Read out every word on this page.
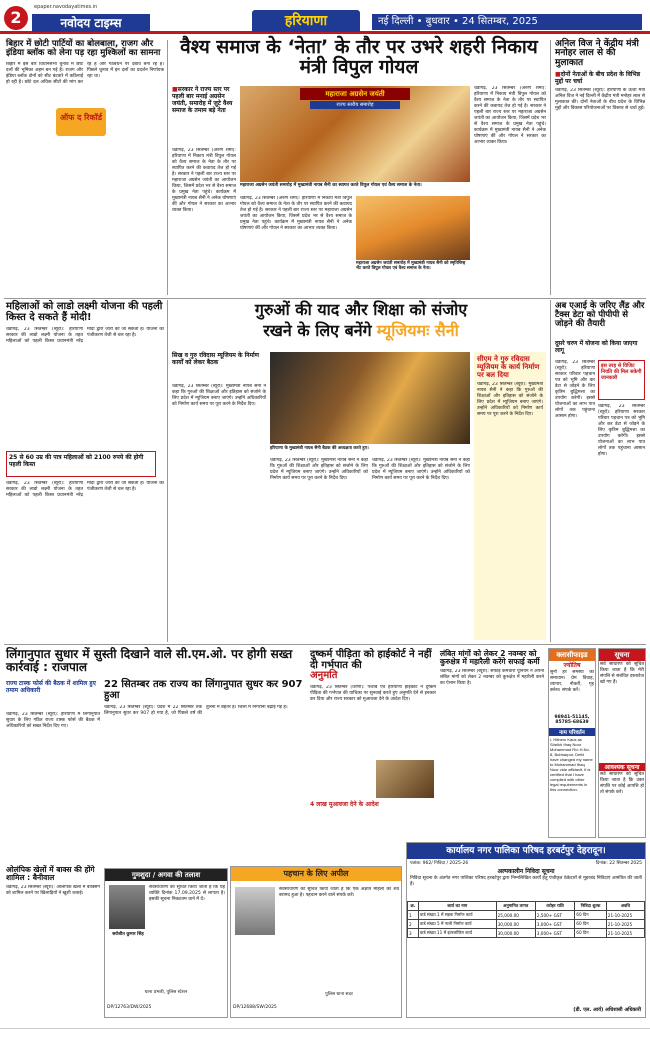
2
epaper.navodayatimes.in
नवोदय टाइम्स	हरियाणा	नई दिल्ली • बुधवार • 24 सितम्बर, 2025
बिहार में छोटी पार्टियों का बोलबाला, राजग और इंडिया ब्लॉक को लेना पड़ रहा मुश्किलों का सामना
बिहार में इस बार विधानसभा चुनाव में छोटे दलों की भूमिका अहम बन गई है। राजग और इंडिया ब्लॉक दोनों को सीट बंटवारे में कठिनाई हो रही है। छोटे दल अधिक सीटों की मांग कर रहे हैं और गठबंधन पर दबाव बना रहे हैं। पिछले चुनाव में इन दलों का प्रदर्शन निर्णायक रहा था।
ऑफ द रिकॉर्ड
वैश्य समाज के ‘नेता’ के तौर पर उभरे शहरी निकाय मंत्री विपुल गोयल
■ सरकार ने राज्य स्तर पर पहली बार मनाई अग्रसेन जयंती, समारोह में जुटे वैश्य समाज के तमाम बड़े नेता
चंडीगढ़, 23 सितम्बर (अरुण शर्मा): हरियाणा में निकाय मंत्री विपुल गोयल को वैश्य समाज के नेता के तौर पर स्थापित करने की कवायद तेज हो गई है। सरकार ने पहली बार राज्य स्तर पर महाराजा अग्रसेन जयंती का आयोजन किया, जिसमें प्रदेश भर से वैश्य समाज के प्रमुख नेता पहुंचे। कार्यक्रम में मुख्यमंत्री नायब सैनी ने अनेक घोषणाएं कीं और गोयल ने सरकार का आभार व्यक्त किया।
महाराजा अग्रसेन जयंती
राज्य स्तरीय समारोह
महाराजा अग्रसेन जयंती समारोह में मुख्यमंत्री नायब सैनी का स्वागत करते विपुल गोयल एवं वैश्य समाज के नेता।
चंडीगढ़, 23 सितम्बर (अरुण शर्मा): हरियाणा में निकाय मंत्री विपुल गोयल को वैश्य समाज के नेता के तौर पर स्थापित करने की कवायद तेज हो गई है। सरकार ने पहली बार राज्य स्तर पर महाराजा अग्रसेन जयंती का आयोजन किया, जिसमें प्रदेश भर से वैश्य समाज के प्रमुख नेता पहुंचे। कार्यक्रम में मुख्यमंत्री नायब सैनी ने अनेक घोषणाएं कीं और गोयल ने सरकार का आभार व्यक्त किया।
महाराजा अग्रसेन जयंती समारोह में मुख्यमंत्री नायब सैनी को स्मृतिचिन्ह भेंट करते विपुल गोयल एवं वैश्य समाज के नेता।
चंडीगढ़, 23 सितम्बर (अरुण शर्मा): हरियाणा में निकाय मंत्री विपुल गोयल को वैश्य समाज के नेता के तौर पर स्थापित करने की कवायद तेज हो गई है। सरकार ने पहली बार राज्य स्तर पर महाराजा अग्रसेन जयंती का आयोजन किया, जिसमें प्रदेश भर से वैश्य समाज के प्रमुख नेता पहुंचे। कार्यक्रम में मुख्यमंत्री नायब सैनी ने अनेक घोषणाएं कीं और गोयल ने सरकार का आभार व्यक्त किया।
अनिल विज ने केंद्रीय मंत्री मनोहर लाल से की मुलाकात
■ दोनों नेताओं के बीच प्रदेश के विभिन्न मुद्दों पर चर्चा
चंडीगढ़, 23 सितम्बर (ब्यूरो): हरियाणा के ऊर्जा मंत्री अनिल विज ने नई दिल्ली में केंद्रीय मंत्री मनोहर लाल से मुलाकात की। दोनों नेताओं के बीच प्रदेश के विभिन्न मुद्दों और विकास परियोजनाओं पर विस्तार से चर्चा हुई।
महिलाओं को लाडो लक्ष्मी योजना की पहली किस्त दे सकते हैं मोदी!
चंडीगढ़, 23 सितम्बर (ब्यूरो): हरियाणा सरकार की लाडो लक्ष्मी योजना के तहत महिलाओं को पहली किस्त प्रधानमंत्री नरेंद्र मोदी द्वारा जारी की जा सकती है। योजना का पंजीकरण तेजी से चल रहा है।
25 से 60 उम्र की पात्र महिलाओं को 2100 रुपये की होगी पहली किस्त
चंडीगढ़, 23 सितम्बर (ब्यूरो): हरियाणा सरकार की लाडो लक्ष्मी योजना के तहत महिलाओं को पहली किस्त प्रधानमंत्री नरेंद्र मोदी द्वारा जारी की जा सकती है। योजना का पंजीकरण तेजी से चल रहा है।
गुरुओं की याद और शिक्षा को संजोए
रखने के लिए बनेंगे म्यूजियमः सैनी
सिख व गुरु रविदास म्यूजियम के निर्माण कार्यों को लेकर बैठक
चंडीगढ़, 23 सितम्बर (ब्यूरो): मुख्यमंत्री नायब सैनी ने कहा कि गुरुओं की शिक्षाओं और इतिहास को संजोने के लिए प्रदेश में म्यूजियम बनाए जाएंगे। उन्होंने अधिकारियों को निर्माण कार्य समय पर पूरा करने के निर्देश दिए।
हरियाणा के मुख्यमंत्री नायब सैनी बैठक की अध्यक्षता करते हुए।
चंडीगढ़, 23 सितम्बर (ब्यूरो): मुख्यमंत्री नायब सैनी ने कहा कि गुरुओं की शिक्षाओं और इतिहास को संजोने के लिए प्रदेश में म्यूजियम बनाए जाएंगे। उन्होंने अधिकारियों को निर्माण कार्य समय पर पूरा करने के निर्देश दिए।
चंडीगढ़, 23 सितम्बर (ब्यूरो): मुख्यमंत्री नायब सैनी ने कहा कि गुरुओं की शिक्षाओं और इतिहास को संजोने के लिए प्रदेश में म्यूजियम बनाए जाएंगे। उन्होंने अधिकारियों को निर्माण कार्य समय पर पूरा करने के निर्देश दिए।
सीएम ने गुरु रविदास म्यूजियम के कार्य निर्माण पर बल दिया
चंडीगढ़, 23 सितम्बर (ब्यूरो): मुख्यमंत्री नायब सैनी ने कहा कि गुरुओं की शिक्षाओं और इतिहास को संजोने के लिए प्रदेश में म्यूजियम बनाए जाएंगे। उन्होंने अधिकारियों को निर्माण कार्य समय पर पूरा करने के निर्देश दिए।
अब एआई के जरिए लैंड और टैक्स डेटा को पीपीपी से जोड़ने की तैयारी
दूसरे चरण में योजना को किया जाएगा लागू
इस तरह से विजिट नियति की मिल सकेगी जानकारी
चंडीगढ़, 23 सितम्बर (ब्यूरो): हरियाणा सरकार परिवार पहचान पत्र को भूमि और कर डेटा से जोड़ने के लिए कृत्रिम बुद्धिमत्ता का उपयोग करेगी। इससे योजनाओं का लाभ पात्र लोगों तक पहुंचाना आसान होगा।
चंडीगढ़, 23 सितम्बर (ब्यूरो): हरियाणा सरकार परिवार पहचान पत्र को भूमि और कर डेटा से जोड़ने के लिए कृत्रिम बुद्धिमत्ता का उपयोग करेगी। इससे योजनाओं का लाभ पात्र लोगों तक पहुंचाना आसान होगा।
लिंगानुपात सुधार में सुस्ती दिखाने वाले सी.एम.ओ. पर होगी सख्त कार्रवाई : राजपाल
राज्य टास्क फोर्स की बैठक में शामिल हुए तमाम अधिकारी
चंडीगढ़, 23 सितम्बर (ब्यूरो): हरियाणा में लिंगानुपात सुधार के लिए गठित राज्य टास्क फोर्स की बैठक में अधिकारियों को सख्त निर्देश दिए गए।
22 सितम्बर तक राज्य का लिंगानुपात सुधर कर 907 हुआ
चंडीगढ़, 23 सितम्बर (ब्यूरो): प्रदेश में 22 सितम्बर तक लिंगानुपात सुधर कर 907 हो गया है, जो पिछले वर्ष की तुलना में बेहतर है। जिलों में निगरानी बढ़ाई गई है।
ओलंपिक खेलों में बाक्स की होंगे शामिल : बैनीवाल
चंडीगढ़, 23 सितम्बर (ब्यूरो): ओलंपिक खेलों में बॉक्सिंग को शामिल करने पर खिलाड़ियों ने खुशी जताई।
दुष्कर्म पीड़िता को हाईकोर्ट ने नहीं दी गर्भपात की
अनुमति
चंडीगढ़, 23 सितम्बर (धरणी): पंजाब एवं हरियाणा हाईकोर्ट ने दुष्कर्म पीड़िता की गर्भपात की याचिका पर सुनवाई करते हुए अनुमति देने से इनकार कर दिया और राज्य सरकार को मुआवजा देने के आदेश दिए।
4 लाख मुआवजा देने के आदेश
लंबित मांगों को लेकर 2 नवम्बर को कुरुक्षेत्र में महारैली करेंगे सफाई कर्मी
चंडीगढ़, 23 सितम्बर (ब्यूरो): सफाई कर्मचारी यूनियन ने अपनी लंबित मांगों को लेकर 2 नवम्बर को कुरुक्षेत्र में महारैली करने का ऐलान किया है।
क्लासीफाइड
ज्योतिष
सुनो हर समस्या का समाधान। प्रेम विवाह, व्यापार, नौकरी, गृह क्लेश। संपर्क करें।
98941-51145, 85785-68639
नाम परिवर्तन
I, Hitheru Kaus as Sheikh Ifraq Noor Mohammad R/o H.No. 8, Bubbarpur, Delhi have changed my name to Mohammad Ifraq Noor vide affidavit. It is certified that I have complied with other legal requirements in this connection.
सूचना
सर्व साधारण को सूचित किया जाता है कि मेरी संपत्ति से संबंधित दस्तावेज खो गए हैं।
आवश्यक सूचना
सर्व साधारण को सूचित किया जाता है कि उक्त संपत्ति पर कोई आपत्ति हो तो संपर्क करें।
गुमशुदा / अगवा की तलाश
सर्वजीत कुमार सिंह
सर्वसाधारण को सूचित किया जाता है कि यह व्यक्ति दिनांक 17.09.2025 से लापता है। इसकी सूचना निकटतम थाने में दें।
थाना प्रभारी, पुलिस स्टेशन
DP/12763/DW/2025
पहचान के लिए अपील
सर्वसाधारण को सूचित किया जाता है कि एक अज्ञात महिला का शव बरामद हुआ है। पहचान करने वाले संपर्क करें।
पुलिस थाना सदर
DP/12688/SW/2025
कार्यालय नगर पालिका परिषद हरबर्टपुर देहरादून।
पत्रांक: 962/ निविदा / 2025-26	दिनांक: 22 सितम्बर 2025
अल्पकालीन निविदा सूचना
निविदा सूचना के अंतर्गत नगर पालिका परिषद हरबर्टपुर द्वारा निम्नलिखित कार्यों हेतु पंजीकृत ठेकेदारों से मुहरबंद निविदाएं आमंत्रित की जाती हैं।
क्र.	कार्य का नाम	अनुमानित लागत	धरोहर राशि	निविदा शुल्क	अवधि
1	वार्ड संख्या 1 में सड़क निर्माण कार्य	25,000.00	2,500+ GST	60 दिन	21-10-2025
2	वार्ड संख्या 5 में नाली निर्माण कार्य	30,000.00	3,000+ GST	60 दिन	21-10-2025
3	वार्ड संख्या 11 में इंटरलॉकिंग कार्य	30,000.00	3,000+ GST	60 दिन	21-10-2025
(डी. एल. आर्य) अधिशासी अधिकारी
